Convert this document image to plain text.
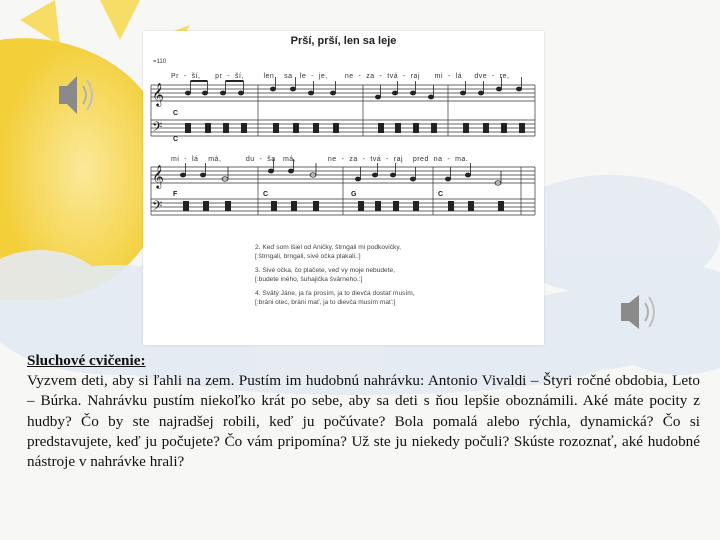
𝄞
𝄢
𝄞
𝄢
C
C
F	C	G	C
Prší, prší, len sa leje
=110
Pr  -  ší,      pr  -  ší,        len    sa   le  -  je,       ne  -  za  -  tvá  -  raj      mi  -  lá     dve  -  re,
mi  -  lá    má,          du  -  ša   má,             ne  -  za  -  tvá  -  raj    pred  na  -  ma.
2. Keď som išiel od Aničky, štrngali mi podkovičky,
[:štrngali, brngali, sivé očka plakali.:]
3. Sivé očka, čo plačete, veď vy moje nebudete,
[:budete iného, šuhajička švárneho.:]
4. Svätý Jáne, ja ťa prosím, ja to dievča dostať musím,
[:bráni otec, bráni mať, ja to dievča musím mať:]
Sluchové cvičenie:
Vyzvem deti, aby si ľahli na zem. Pustím im hudobnú nahrávku: Antonio Vivaldi – Štyri ročné obdobia, Leto – Búrka. Nahrávku pustím niekoľko krát po sebe, aby sa deti s ňou lepšie oboznámili. Aké máte pocity z hudby? Čo by ste najradšej robili, keď ju počúvate? Bola pomalá alebo rýchla, dynamická? Čo si predstavujete, keď ju počujete? Čo vám pripomína? Už ste ju niekedy počuli? Skúste rozoznať, aké hudobné nástroje v nahrávke hrali?
